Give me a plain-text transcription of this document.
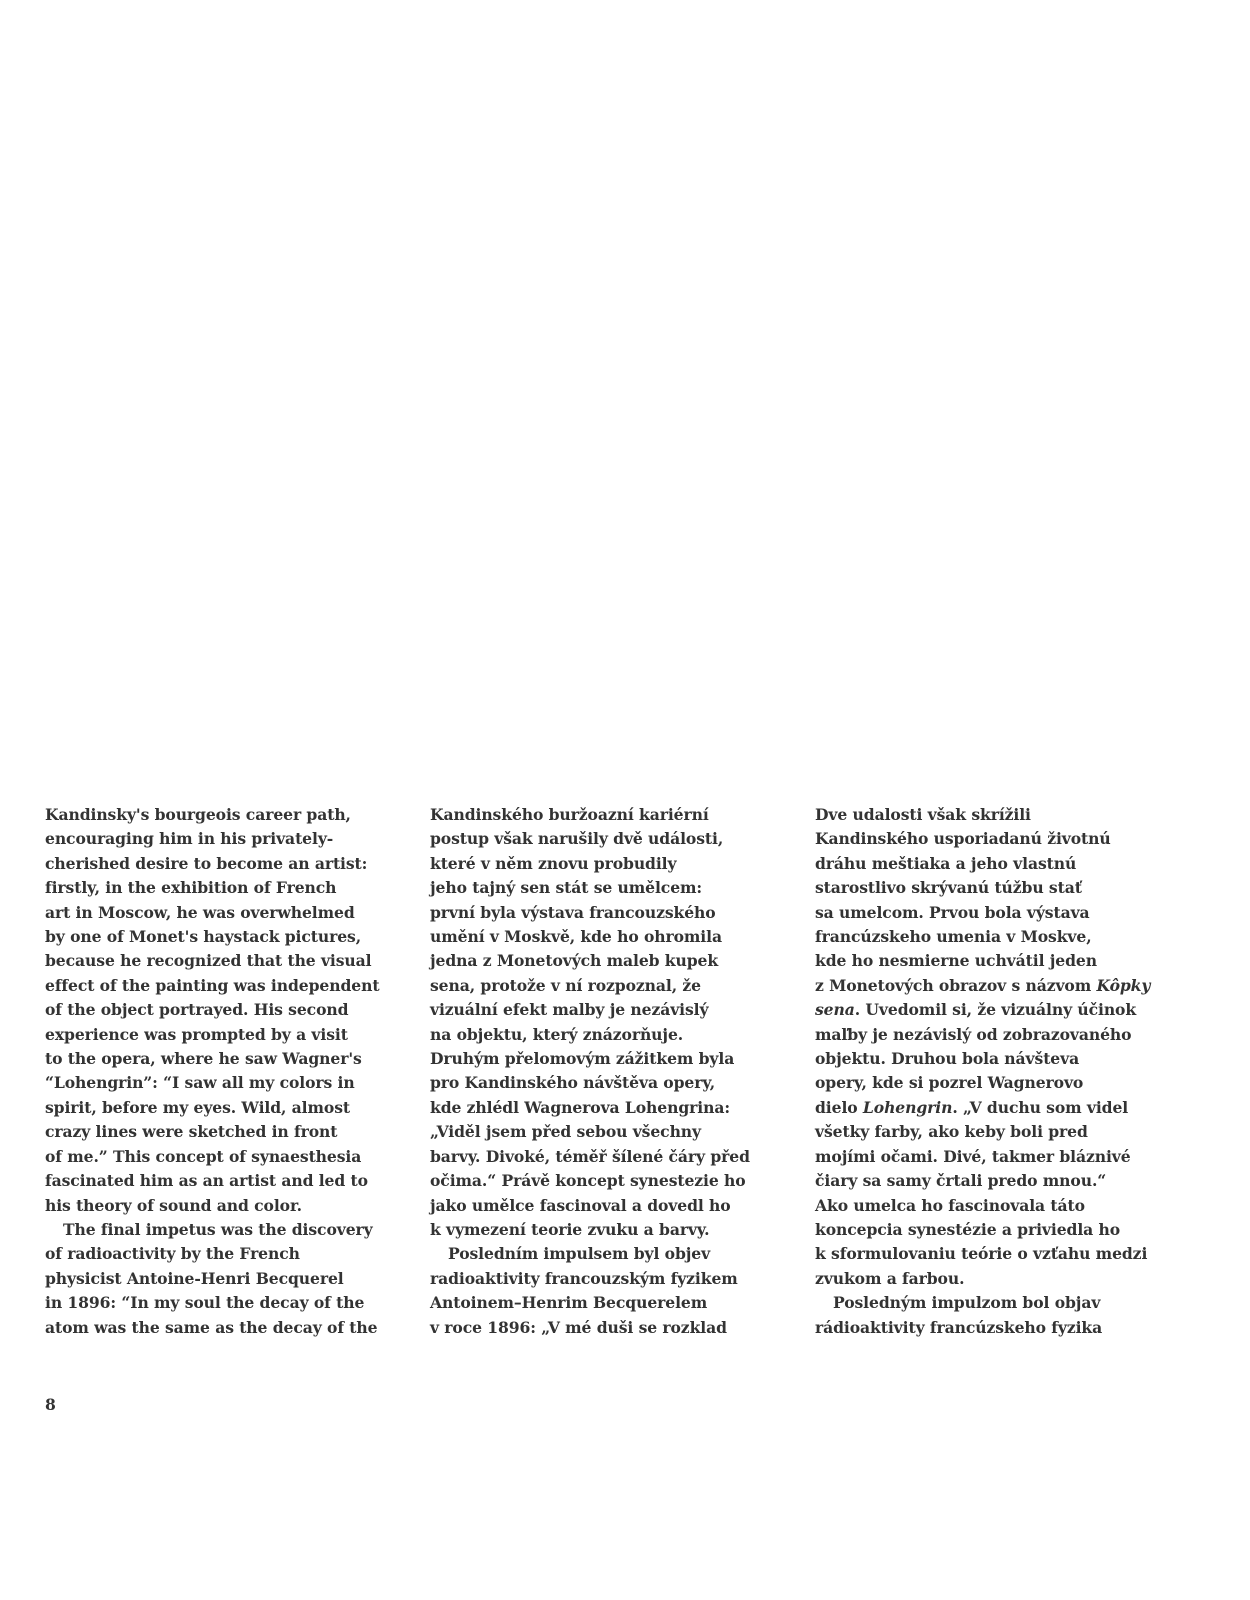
Kandinsky's bourgeois career path,
encouraging him in his privately-
cherished desire to become an artist:
firstly, in the exhibition of French
art in Moscow, he was overwhelmed
by one of Monet's haystack pictures,
because he recognized that the visual
effect of the painting was independent
of the object portrayed. His second
experience was prompted by a visit
to the opera, where he saw Wagner's
“Lohengrin”: “I saw all my colors in
spirit, before my eyes. Wild, almost
crazy lines were sketched in front
of me.” This concept of synaesthesia
fascinated him as an artist and led to
his theory of sound and color.
The final impetus was the discovery
of radioactivity by the French
physicist Antoine-Henri Becquerel
in 1896: “In my soul the decay of the
atom was the same as the decay of the
Kandinského buržoazní kariérní
postup však narušily dvě události,
které v něm znovu probudily
jeho tajný sen stát se umělcem:
první byla výstava francouzského
umění v Moskvě, kde ho ohromila
jedna z Monetových maleb kupek
sena, protože v ní rozpoznal, že
vizuální efekt malby je nezávislý
na objektu, který znázorňuje.
Druhým přelomovým zážitkem byla
pro Kandinského návštěva opery,
kde zhlédl Wagnerova Lohengrina:
„Viděl jsem před sebou všechny
barvy. Divoké, téměř šílené čáry před
očima.“ Právě koncept synestezie ho
jako umělce fascinoval a dovedl ho
k vymezení teorie zvuku a barvy.
Posledním impulsem byl objev
radioaktivity francouzským fyzikem
Antoinem–Henrim Becquerelem
v roce 1896: „V mé duši se rozklad
Dve udalosti však skrížili
Kandinského usporiadanú životnú
dráhu meštiaka a jeho vlastnú
starostlivo skrývanú túžbu stať
sa umelcom. Prvou bola výstava
francúzskeho umenia v Moskve,
kde ho nesmierne uchvátil jeden
z Monetových obrazov s názvom Kôpky
sena. Uvedomil si, že vizuálny účinok
maľby je nezávislý od zobrazovaného
objektu. Druhou bola návšteva
opery, kde si pozrel Wagnerovo
dielo Lohengrin. „V duchu som videl
všetky farby, ako keby boli pred
mojími očami. Divé, takmer bláznivé
čiary sa samy črtali predo mnou.“
Ako umelca ho fascinovala táto
koncepcia synestézie a priviedla ho
k sformulovaniu teórie o vzťahu medzi
zvukom a farbou.
Posledným impulzom bol objav
rádioaktivity francúzskeho fyzika
8
